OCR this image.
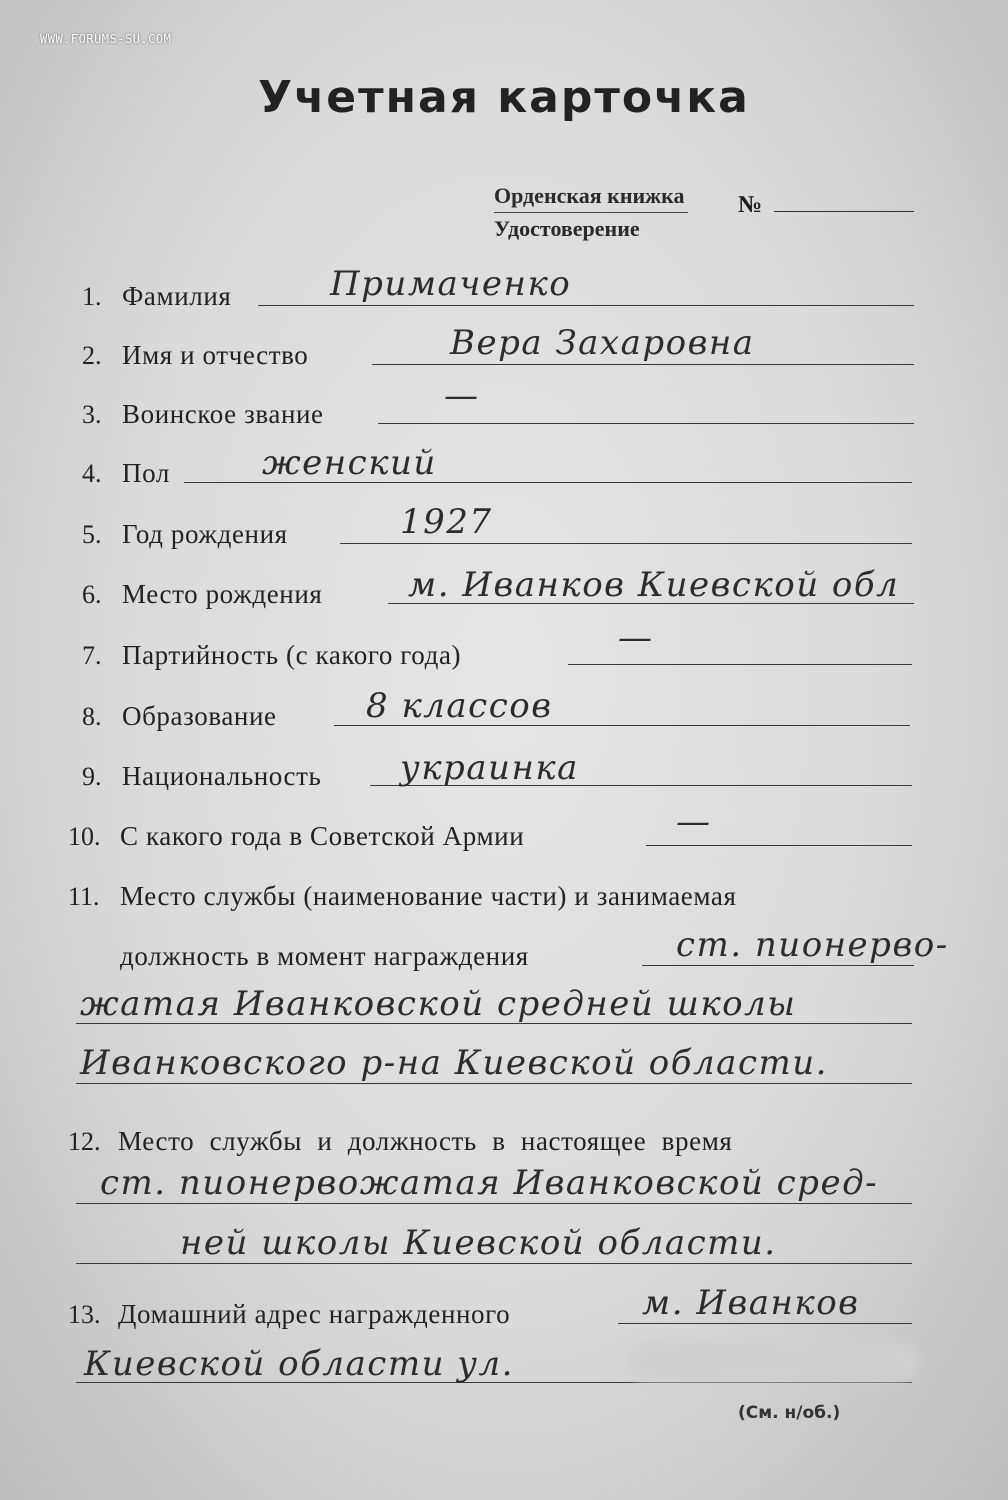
WWW.FORUMS-SU.COM
Учетная карточка
Орденская книжка
Удостоверение
№
1. Фамилия	Примаченко
2. Имя и отчество	Вера Захаровна
3. Воинское звание	—
4. Пол	женский
5. Год рождения	1927
6. Место рождения	м. Иванков Киевской обл
7. Партийность (с какого года)	—
8. Образование	8 классов
9. Национальность украинка
10. С какого года в Советской Армии	—
11. Место службы (наименование части) и занимаемая
должность в момент награждения	ст. пионерво-
жатая Иванковской средней школы
Иванковского р-на Киевской области.
12. Место службы и должность в настоящее время
ст. пионервожатая Иванковской сред-
ней школы Киевской области.
13. Домашний адрес награжденного	м. Иванков
Киевской области ул.
(См. н/об.)
